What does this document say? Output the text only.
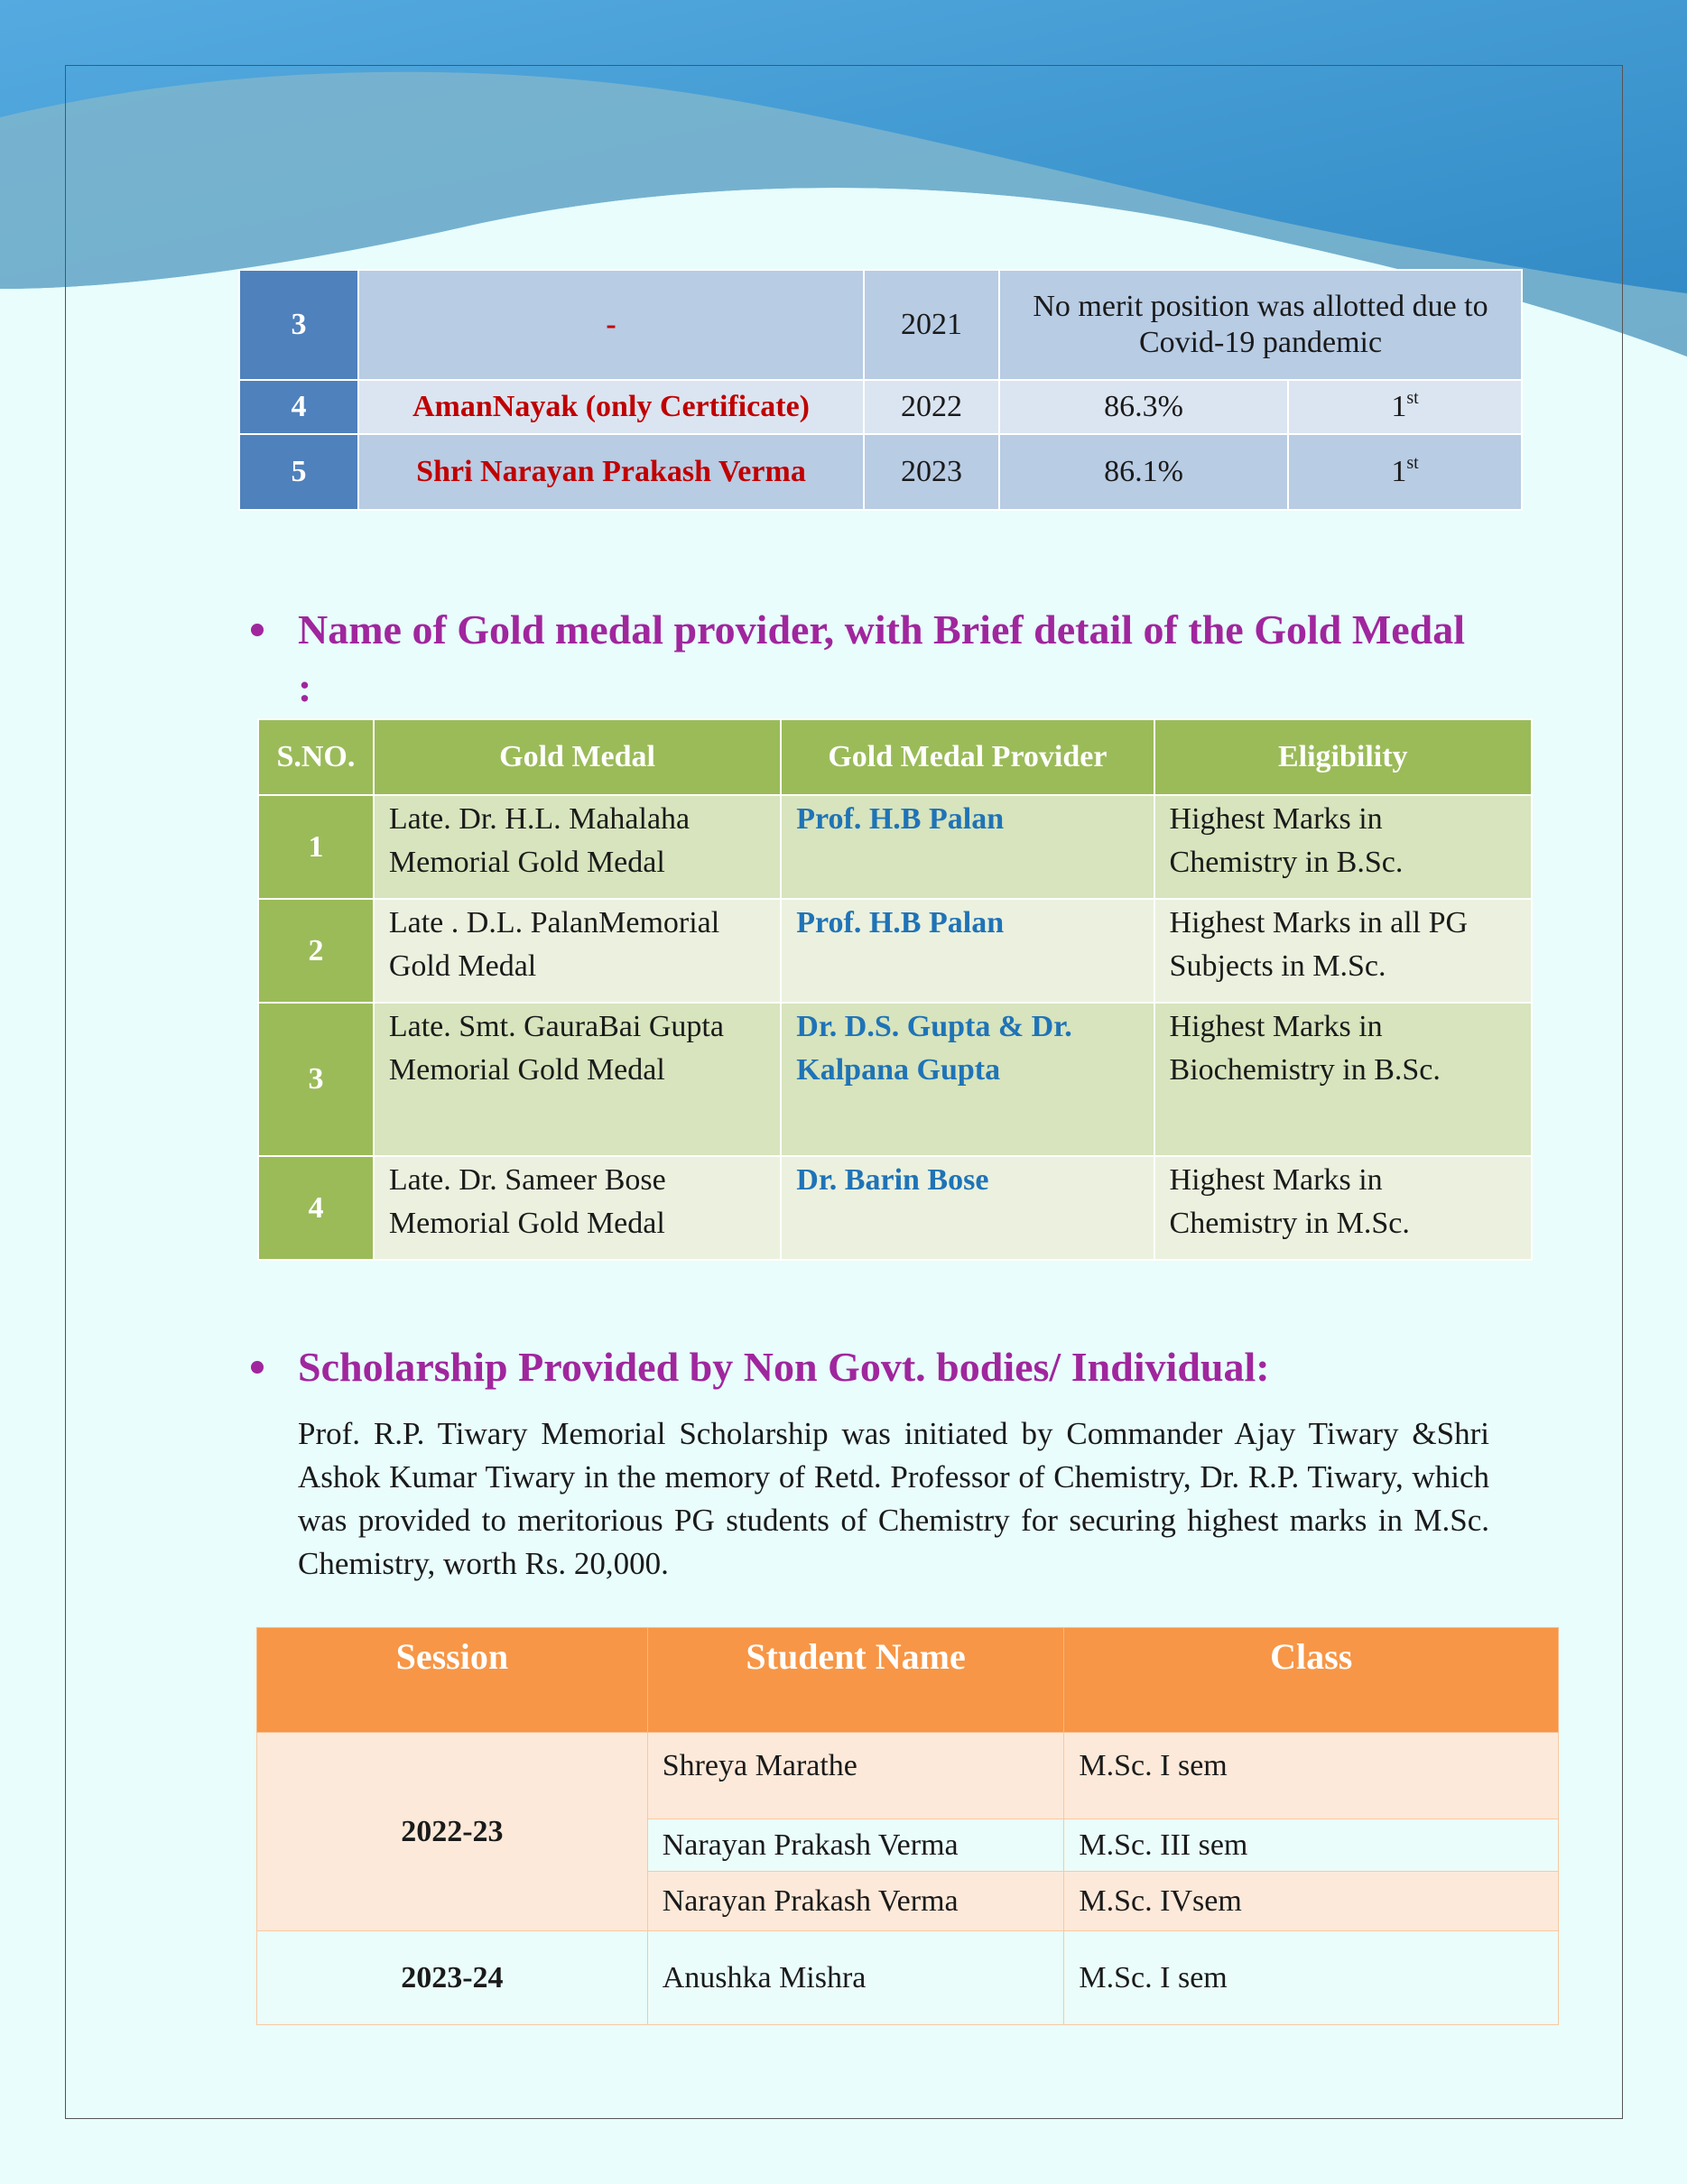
3	-	2021	No merit position was allotted due to Covid-19 pandemic	
4	AmanNayak (only Certificate)	2022	86.3%	1st
5	Shri Narayan Prakash Verma	2023	86.1%	1st
Name of Gold medal provider, with Brief detail of the Gold Medal :
S.NO.	Gold Medal	Gold Medal Provider	Eligibility
1	Late. Dr. H.L. Mahalaha Memorial Gold Medal	Prof. H.B Palan	Highest Marks in Chemistry in B.Sc.
2	Late . D.L. PalanMemorial Gold Medal	Prof. H.B Palan	Highest Marks in all PG Subjects in M.Sc.
3	Late. Smt. GauraBai Gupta Memorial Gold Medal	Dr. D.S. Gupta & Dr. Kalpana Gupta	Highest Marks in Biochemistry in B.Sc.
4	Late. Dr. Sameer Bose Memorial Gold Medal	Dr. Barin Bose	Highest Marks in Chemistry in M.Sc.
Scholarship Provided by Non Govt. bodies/ Individual:

Prof. R.P. Tiwary Memorial Scholarship was initiated by Commander Ajay Tiwary &Shri Ashok Kumar Tiwary in the memory of Retd. Professor of Chemistry, Dr. R.P. Tiwary, which was provided to meritorious PG students of Chemistry for securing highest marks in M.Sc. Chemistry, worth Rs. 20,000.

Session	Student Name	Class
2022-23	Shreya Marathe	M.Sc. I sem
	Narayan Prakash Verma	M.Sc. III sem
	Narayan Prakash Verma	M.Sc. IVsem
2023-24	Anushka Mishra	M.Sc. I sem
